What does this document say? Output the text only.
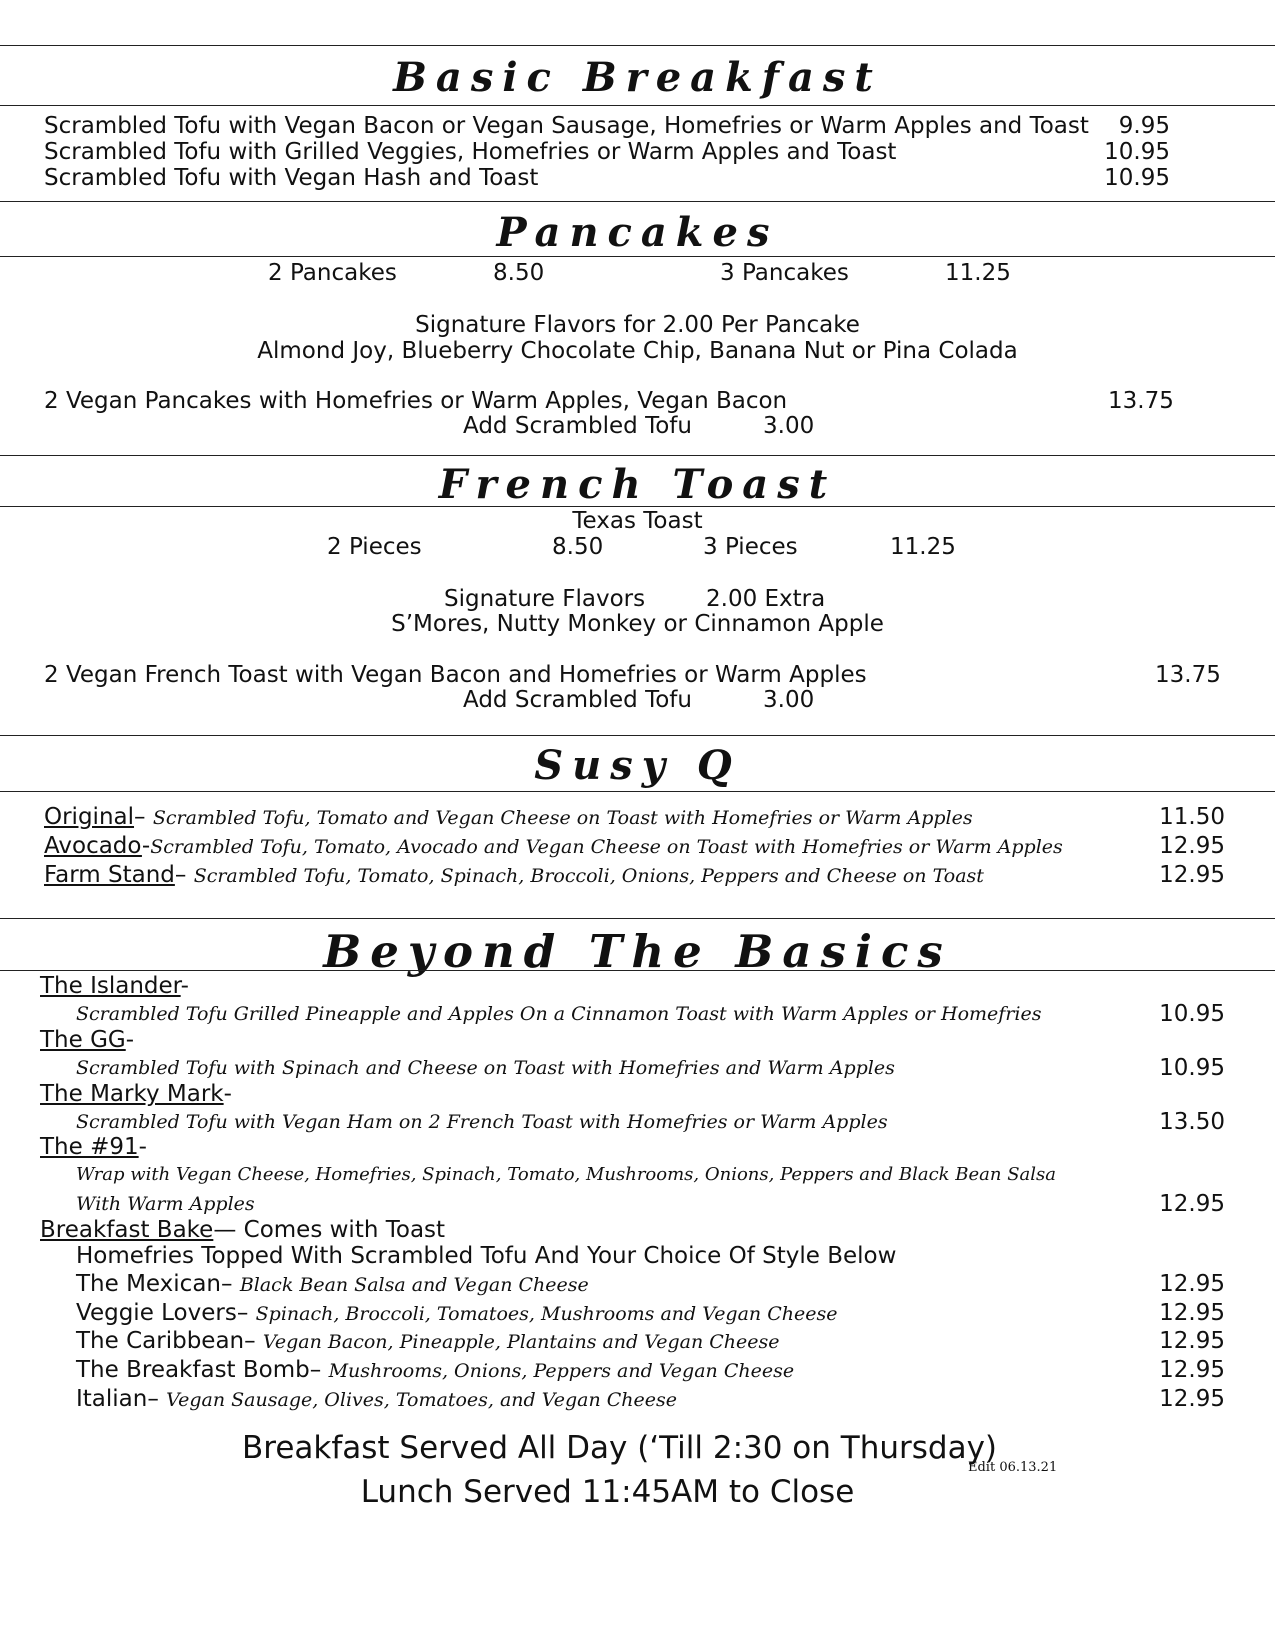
Basic Breakfast
Scrambled Tofu with Vegan Bacon or Vegan Sausage, Homefries or Warm Apples and Toast	9.95
Scrambled Tofu with Grilled Veggies, Homefries or Warm Apples and Toast	10.95
Scrambled Tofu with Vegan Hash and Toast	10.95
Pancakes
2 Pancakes	8.50	3 Pancakes	11.25
Signature Flavors for 2.00 Per Pancake
Almond Joy, Blueberry Chocolate Chip, Banana Nut or Pina Colada
2 Vegan Pancakes with Homefries or Warm Apples, Vegan Bacon	13.75
Add Scrambled Tofu	3.00
French Toast
Texas Toast
2 Pieces	8.50	3 Pieces	11.25
Signature Flavors	2.00 Extra
S’Mores, Nutty Monkey or Cinnamon Apple
2 Vegan French Toast with Vegan Bacon and Homefries or Warm Apples	13.75
Add Scrambled Tofu	3.00
Susy Q
Original– Scrambled Tofu, Tomato and Vegan Cheese on Toast with Homefries or Warm Apples	11.50
Avocado-Scrambled Tofu, Tomato, Avocado and Vegan Cheese on Toast with Homefries or Warm Apples	12.95
Farm Stand– Scrambled Tofu, Tomato, Spinach, Broccoli, Onions, Peppers and Cheese on Toast	12.95
Beyond The Basics
The Islander-
Scrambled Tofu Grilled Pineapple and Apples On a Cinnamon Toast with Warm Apples or Homefries	10.95
The GG-
Scrambled Tofu with Spinach and Cheese on Toast with Homefries and Warm Apples	10.95
The Marky Mark-
Scrambled Tofu with Vegan Ham on 2 French Toast with Homefries or Warm Apples	13.50
The #91-
Wrap with Vegan Cheese, Homefries, Spinach, Tomato, Mushrooms, Onions, Peppers and Black Bean Salsa
With Warm Apples	12.95
Breakfast Bake— Comes with Toast
Homefries Topped With Scrambled Tofu And Your Choice Of Style Below
The Mexican– Black Bean Salsa and Vegan Cheese	12.95
Veggie Lovers– Spinach, Broccoli, Tomatoes, Mushrooms and Vegan Cheese	12.95
The Caribbean– Vegan Bacon, Pineapple, Plantains and Vegan Cheese	12.95
The Breakfast Bomb– Mushrooms, Onions, Peppers and Vegan Cheese	12.95
Italian– Vegan Sausage, Olives, Tomatoes, and Vegan Cheese	12.95
Breakfast Served All Day (‘Till 2:30 on Thursday)
Edit 06.13.21
Lunch Served 11:45AM to Close
